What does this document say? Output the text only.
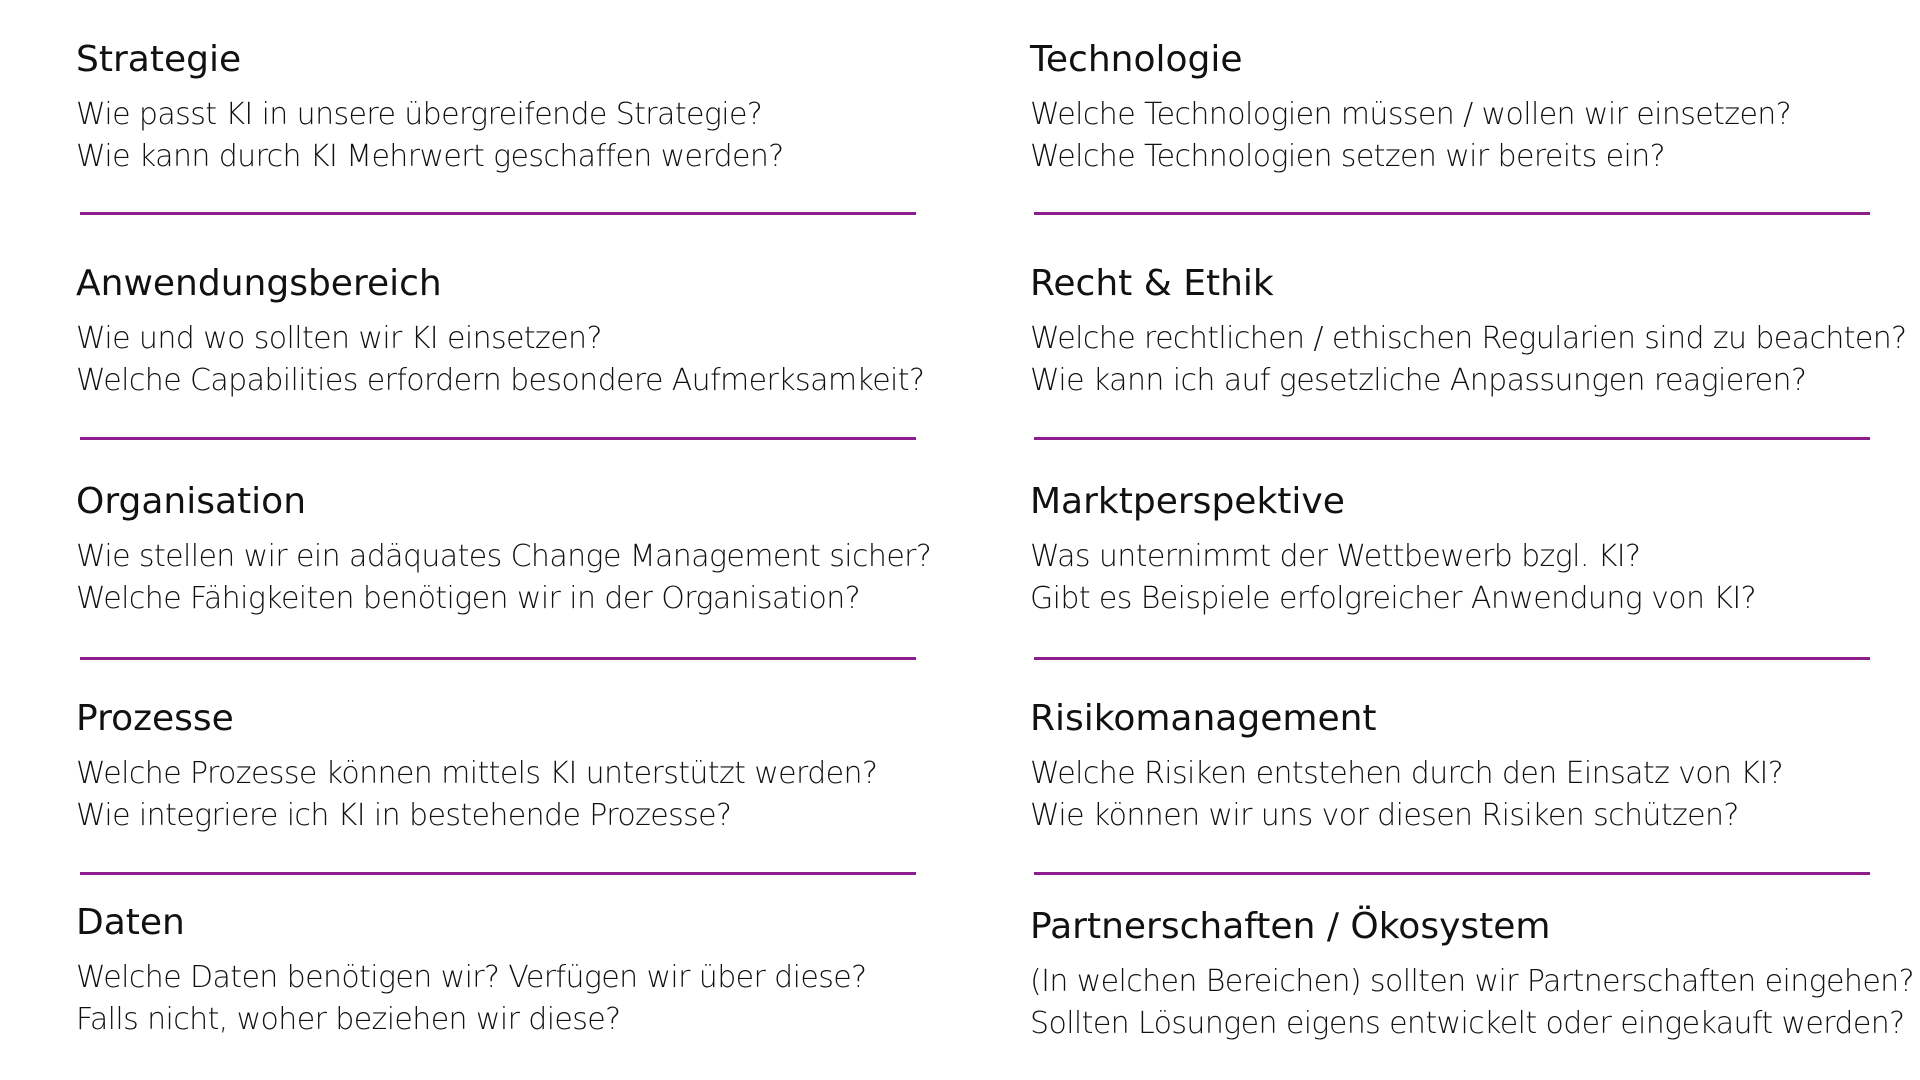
Strategie

Wie passt KI in unsere übergreifende Strategie?

Wie kann durch KI Mehrwert geschaffen werden?

Anwendungsbereich

Wie und wo sollten wir KI einsetzen?

Welche Capabilities erfordern besondere Aufmerksamkeit?

Organisation

Wie stellen wir ein adäquates Change Management sicher?

Welche Fähigkeiten benötigen wir in der Organisation?

Prozesse

Welche Prozesse können mittels KI unterstützt werden?

Wie integriere ich KI in bestehende Prozesse?

Daten

Welche Daten benötigen wir? Verfügen wir über diese?

Falls nicht, woher beziehen wir diese?

Technologie

Welche Technologien müssen / wollen wir einsetzen?

Welche Technologien setzen wir bereits ein?

Recht & Ethik

Welche rechtlichen / ethischen Regularien sind zu beachten?

Wie kann ich auf gesetzliche Anpassungen reagieren?

Marktperspektive

Was unternimmt der Wettbewerb bzgl. KI?

Gibt es Beispiele erfolgreicher Anwendung von KI?

Risikomanagement

Welche Risiken entstehen durch den Einsatz von KI?

Wie können wir uns vor diesen Risiken schützen?

Partnerschaften / Ökosystem

(In welchen Bereichen) sollten wir Partnerschaften eingehen?

Sollten Lösungen eigens entwickelt oder eingekauft werden?
